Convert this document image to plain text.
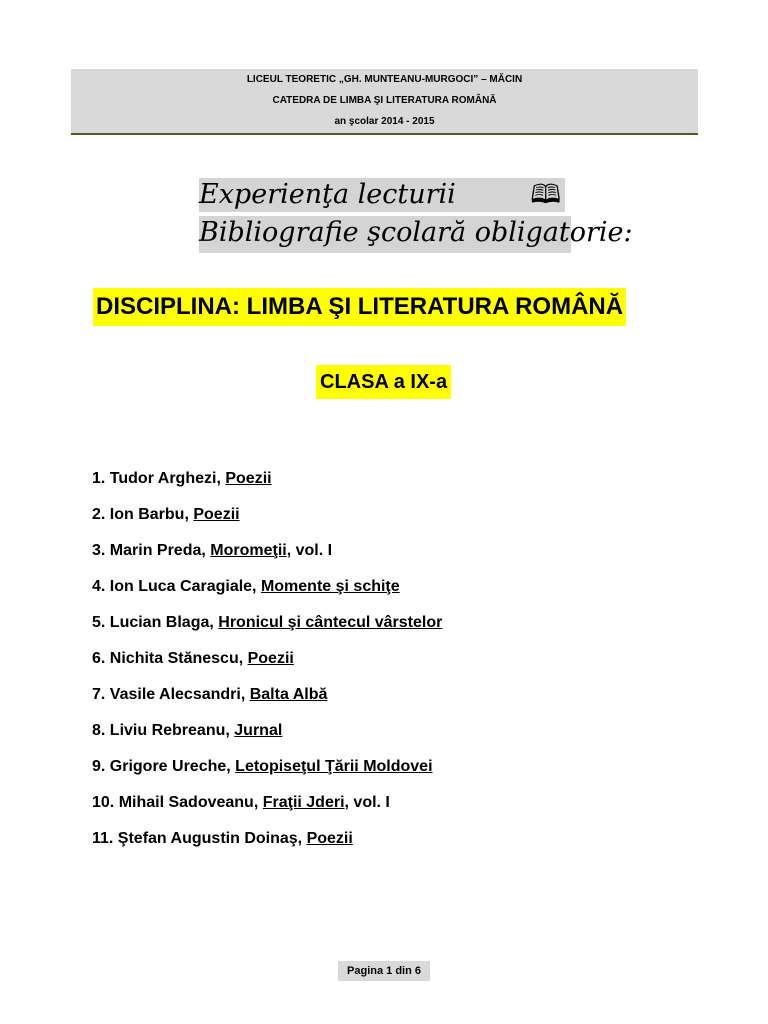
LICEUL TEORETIC „GH. MUNTEANU-MURGOCI” – MĂCIN
CATEDRA DE LIMBA ŞI LITERATURA ROMÂNĂ
an şcolar 2014 - 2015
Experienţa lecturii	🕮
Bibliografie şcolară obligatorie:
DISCIPLINA: LIMBA ŞI LITERATURA ROMÂNĂ
CLASA a IX-a
1. Tudor Arghezi, Poezii
2. Ion Barbu, Poezii
3. Marin Preda, Moromeţii, vol. I
4. Ion Luca Caragiale, Momente şi schiţe
5. Lucian Blaga, Hronicul şi cântecul vârstelor
6. Nichita Stănescu, Poezii
7. Vasile Alecsandri, Balta Albă
8. Liviu Rebreanu, Jurnal
9. Grigore Ureche, Letopiseţul Ţării Moldovei
10. Mihail Sadoveanu, Fraţii Jderi, vol. I
11. Ştefan Augustin Doinaş, Poezii
Pagina 1 din 6
